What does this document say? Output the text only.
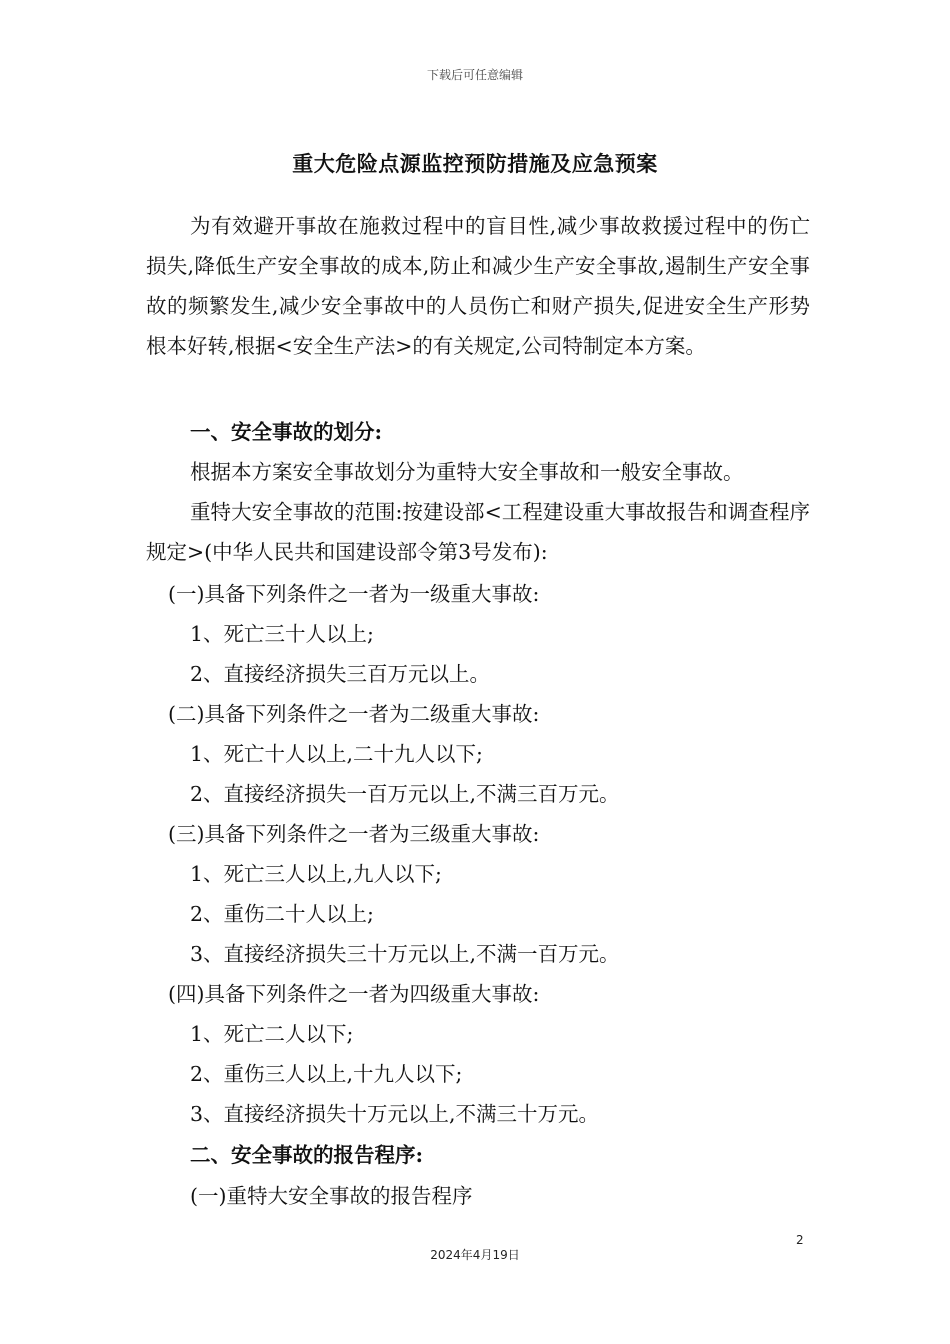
下载后可任意编辑
重大危险点源监控预防措施及应急预案

为有效避开事故在施救过程中的盲目性,减少事故救援过程中的伤亡损失,降低生产安全事故的成本,防止和减少生产安全事故,遏制生产安全事故的频繁发生,减少安全事故中的人员伤亡和财产损失,促进安全生产形势根本好转,根据<安全生产法>的有关规定,公司特制定本方案。

一、安全事故的划分:

根据本方案安全事故划分为重特大安全事故和一般安全事故。

重特大安全事故的范围:按建设部<工程建设重大事故报告和调查程序规定>(中华人民共和国建设部令第3号发布):

(一)具备下列条件之一者为一级重大事故:

1、死亡三十人以上;

2、直接经济损失三百万元以上。

(二)具备下列条件之一者为二级重大事故:

1、死亡十人以上,二十九人以下;

2、直接经济损失一百万元以上,不满三百万元。

(三)具备下列条件之一者为三级重大事故:

1、死亡三人以上,九人以下;

2、重伤二十人以上;

3、直接经济损失三十万元以上,不满一百万元。

(四)具备下列条件之一者为四级重大事故:

1、死亡二人以下;

2、重伤三人以上,十九人以下;

3、直接经济损失十万元以上,不满三十万元。

二、安全事故的报告程序:

(一)重特大安全事故的报告程序

2
2024年4月19日
